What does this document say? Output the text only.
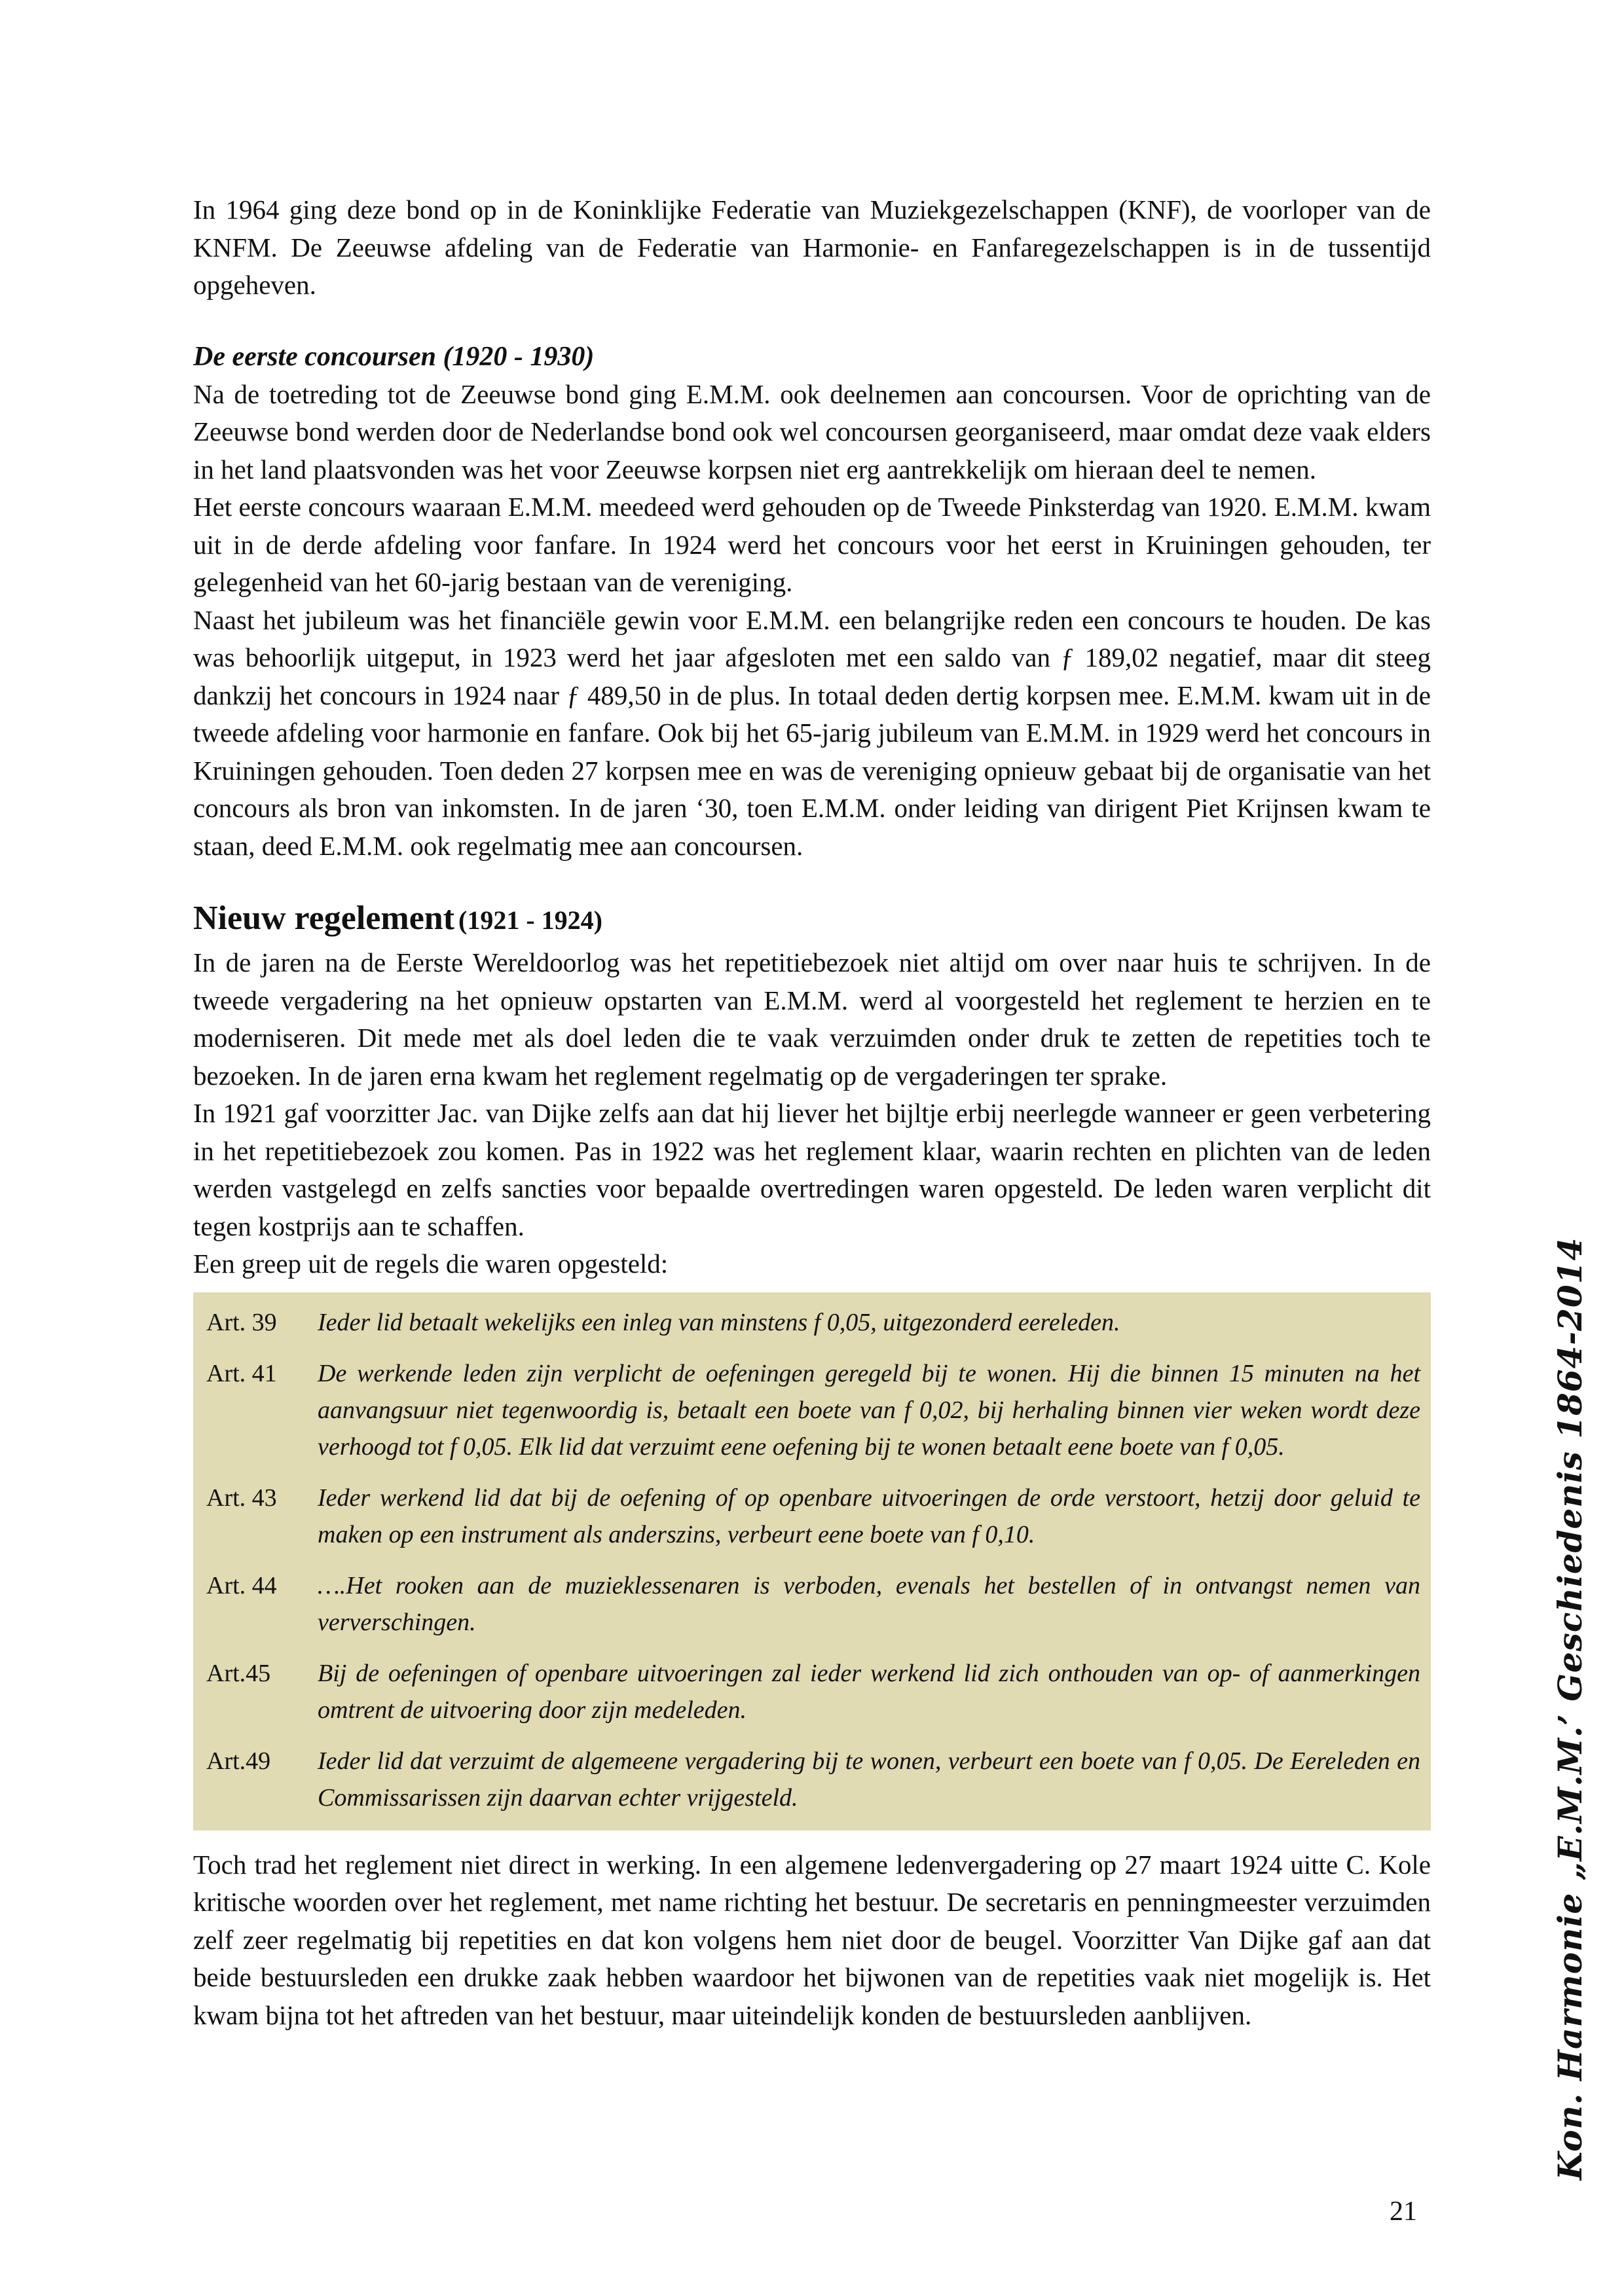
In 1964 ging deze bond op in de Koninklijke Federatie van Muziekgezelschappen (KNF), de voorloper van de KNFM. De Zeeuwse afdeling van de Federatie van Harmonie- en Fanfaregezelschappen is in de tussentijd opgeheven.

De eerste concoursen (1920 - 1930)

Na de toetreding tot de Zeeuwse bond ging E.M.M. ook deelnemen aan concoursen. Voor de oprichting van de Zeeuwse bond werden door de Nederlandse bond ook wel concoursen georganiseerd, maar omdat deze vaak elders in het land plaatsvonden was het voor Zeeuwse korpsen niet erg aantrekkelijk om hieraan deel te nemen.

Het eerste concours waaraan E.M.M. meedeed werd gehouden op de Tweede Pinksterdag van 1920. E.M.M. kwam uit in de derde afdeling voor fanfare. In 1924 werd het concours voor het eerst in Kruiningen gehouden, ter gelegenheid van het 60-jarig bestaan van de vereniging.

Naast het jubileum was het financiële gewin voor E.M.M. een belangrijke reden een concours te houden. De kas was behoorlijk uitgeput, in 1923 werd het jaar afgesloten met een saldo van ƒ 189,02 negatief, maar dit steeg dankzij het concours in 1924 naar ƒ 489,50 in de plus. In totaal deden dertig korpsen mee. E.M.M. kwam uit in de tweede afdeling voor harmonie en fanfare. Ook bij het 65-jarig jubileum van E.M.M. in 1929 werd het concours in Kruiningen gehouden. Toen deden 27 korpsen mee en was de vereniging opnieuw gebaat bij de organisatie van het concours als bron van inkomsten. In de jaren ‘30, toen E.M.M. onder leiding van dirigent Piet Krijnsen kwam te staan, deed E.M.M. ook regelmatig mee aan concoursen.

Nieuw regelement (1921 - 1924)

In de jaren na de Eerste Wereldoorlog was het repetitiebezoek niet altijd om over naar huis te schrijven. In de tweede vergadering na het opnieuw opstarten van E.M.M. werd al voorgesteld het reglement te herzien en te moderniseren. Dit mede met als doel leden die te vaak verzuimden onder druk te zetten de repetities toch te bezoeken. In de jaren erna kwam het reglement regelmatig op de vergaderingen ter sprake.

In 1921 gaf voorzitter Jac. van Dijke zelfs aan dat hij liever het bijltje erbij neerlegde wanneer er geen verbetering in het repetitiebezoek zou komen. Pas in 1922 was het reglement klaar, waarin rechten en plichten van de leden werden vastgelegd en zelfs sancties voor bepaalde overtredingen waren opgesteld. De leden waren verplicht dit tegen kostprijs aan te schaffen.

Een greep uit de regels die waren opgesteld:

Art. 39	Ieder lid betaalt wekelijks een inleg van minstens f 0,05, uitgezonderd eereleden.
Art. 41	De werkende leden zijn verplicht de oefeningen geregeld bij te wonen. Hij die binnen 15 minuten na het aanvangsuur niet tegenwoordig is, betaalt een boete van f 0,02, bij herhaling binnen vier weken wordt deze verhoogd tot f 0,05. Elk lid dat verzuimt eene oefening bij te wonen betaalt eene boete van f 0,05.
Art. 43	Ieder werkend lid dat bij de oefening of op openbare uitvoeringen de orde verstoort, hetzij door geluid te maken op een instrument als anderszins, verbeurt eene boete van f 0,10.
Art. 44	….Het rooken aan de muzieklessenaren is verboden, evenals het bestellen of in ontvangst nemen van ververschingen.
Art.45	Bij de oefeningen of openbare uitvoeringen zal ieder werkend lid zich onthouden van op- of aanmerkingen omtrent de uitvoering door zijn medeleden.
Art.49	Ieder lid dat verzuimt de algemeene vergadering bij te wonen, verbeurt een boete van f 0,05. De Eereleden en Commissarissen zijn daarvan echter vrijgesteld.

Toch trad het reglement niet direct in werking. In een algemene ledenvergadering op 27 maart 1924 uitte C. Kole kritische woorden over het reglement, met name richting het bestuur. De secretaris en penningmeester verzuimden zelf zeer regelmatig bij repetities en dat kon volgens hem niet door de beugel. Voorzitter Van Dijke gaf aan dat beide bestuursleden een drukke zaak hebben waardoor het bijwonen van de repetities vaak niet mogelijk is. Het kwam bijna tot het aftreden van het bestuur, maar uiteindelijk konden de bestuursleden aanblijven.	Kon. Harmonie „E.M.M.’ Geschiedenis 1864-2014
21
